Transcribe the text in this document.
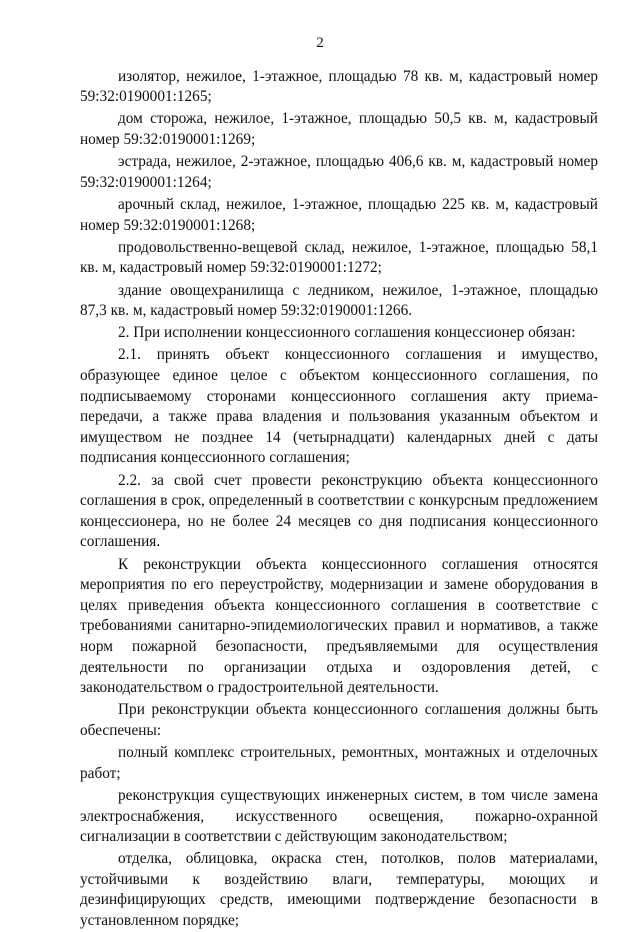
2

изолятор, нежилое, 1-этажное, площадью 78 кв. м, кадастровый номер 59:32:0190001:1265;

дом сторожа, нежилое, 1-этажное, площадью 50,5 кв. м, кадастровый номер 59:32:0190001:1269;

эстрада, нежилое, 2-этажное, площадью 406,6 кв. м, кадастровый номер 59:32:0190001:1264;

арочный склад, нежилое, 1-этажное, площадью 225 кв. м, кадастровый номер 59:32:0190001:1268;

продовольственно-вещевой склад, нежилое, 1-этажное, площадью 58,1 кв. м, кадастровый номер 59:32:0190001:1272;

здание овощехранилища с ледником, нежилое, 1-этажное, площадью 87,3 кв. м, кадастровый номер 59:32:0190001:1266.

2. При исполнении концессионного соглашения концессионер обязан:

2.1. принять объект концессионного соглашения и имущество, образующее единое целое с объектом концессионного соглашения, по подписываемому сторонами концессионного соглашения акту приема-передачи, а также права владения и пользования указанным объектом и имуществом не позднее 14 (четырнадцати) календарных дней с даты подписания концессионного соглашения;

2.2. за свой счет провести реконструкцию объекта концессионного соглашения в срок, определенный в соответствии с конкурсным предложением концессионера, но не более 24 месяцев со дня подписания концессионного соглашения.

К реконструкции объекта концессионного соглашения относятся мероприятия по его переустройству, модернизации и замене оборудования в целях приведения объекта концессионного соглашения в соответствие с требованиями санитарно-эпидемиологических правил и нормативов, а также норм пожарной безопасности, предъявляемыми для осуществления деятельности по организации отдыха и оздоровления детей, с законодательством о градостроительной деятельности.

При реконструкции объекта концессионного соглашения должны быть обеспечены:

полный комплекс строительных, ремонтных, монтажных и отделочных работ;

реконструкция существующих инженерных систем, в том числе замена электроснабжения, искусственного освещения, пожарно-охранной сигнализации в соответствии с действующим законодательством;

отделка, облицовка, окраска стен, потолков, полов материалами, устойчивыми к воздействию влаги, температуры, моющих и дезинфицирующих средств, имеющими подтверждение безопасности в установленном порядке;
